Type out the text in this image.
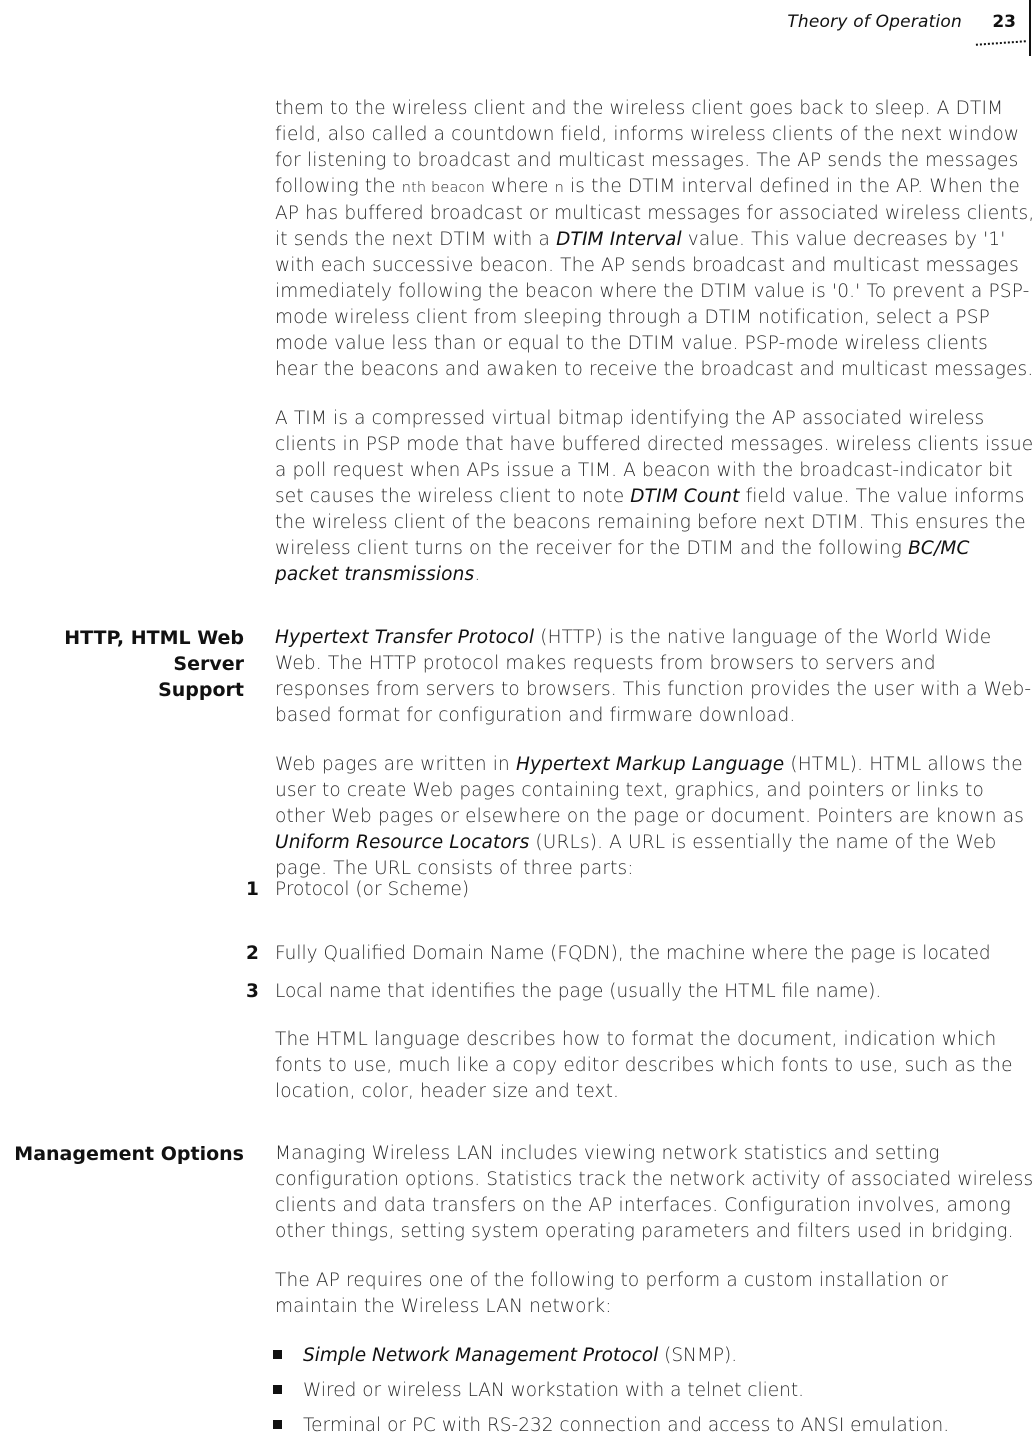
Theory of Operation 23

them to the wireless client and the wireless client goes back to sleep. A DTIM field, also called a countdown field, informs wireless clients of the next window for listening to broadcast and multicast messages. The AP sends the messages following the nth beacon where n is the DTIM interval defined in the AP. When the AP has buffered broadcast or multicast messages for associated wireless clients, it sends the next DTIM with a DTIM Interval value. This value decreases by '1' with each successive beacon. The AP sends broadcast and multicast messages immediately following the beacon where the DTIM value is '0.' To prevent a PSP-mode wireless client from sleeping through a DTIM notification, select a PSP mode value less than or equal to the DTIM value. PSP-mode wireless clients hear the beacons and awaken to receive the broadcast and multicast messages.

A TIM is a compressed virtual bitmap identifying the AP associated wireless clients in PSP mode that have buffered directed messages. wireless clients issue a poll request when APs issue a TIM. A beacon with the broadcast-indicator bit set causes the wireless client to note DTIM Count field value. The value informs the wireless client of the beacons remaining before next DTIM. This ensures the wireless client turns on the receiver for the DTIM and the following BC/MC packet transmissions.

HTTP, HTML Web Server
Support

Hypertext Transfer Protocol (HTTP) is the native language of the World Wide Web. The HTTP protocol makes requests from browsers to servers and responses from servers to browsers. This function provides the user with a Web-based format for configuration and firmware download.

Web pages are written in Hypertext Markup Language (HTML). HTML allows the user to create Web pages containing text, graphics, and pointers or links to other Web pages or elsewhere on the page or document. Pointers are known as Uniform Resource Locators (URLs). A URL is essentially the name of the Web page. The URL consists of three parts:

1 Protocol (or Scheme)
2 Fully Qualified Domain Name (FQDN), the machine where the page is located
3 Local name that identifies the page (usually the HTML file name).

The HTML language describes how to format the document, indication which fonts to use, much like a copy editor describes which fonts to use, such as the location, color, header size and text.

Management Options Managing Wireless LAN includes viewing network statistics and setting configuration options. Statistics track the network activity of associated wireless clients and data transfers on the AP interfaces. Configuration involves, among other things, setting system operating parameters and filters used in bridging.

The AP requires one of the following to perform a custom installation or maintain the Wireless LAN network:

Simple Network Management Protocol (SNMP).
Wired or wireless LAN workstation with a telnet client.
Terminal or PC with RS-232 connection and access to ANSI emulation.
